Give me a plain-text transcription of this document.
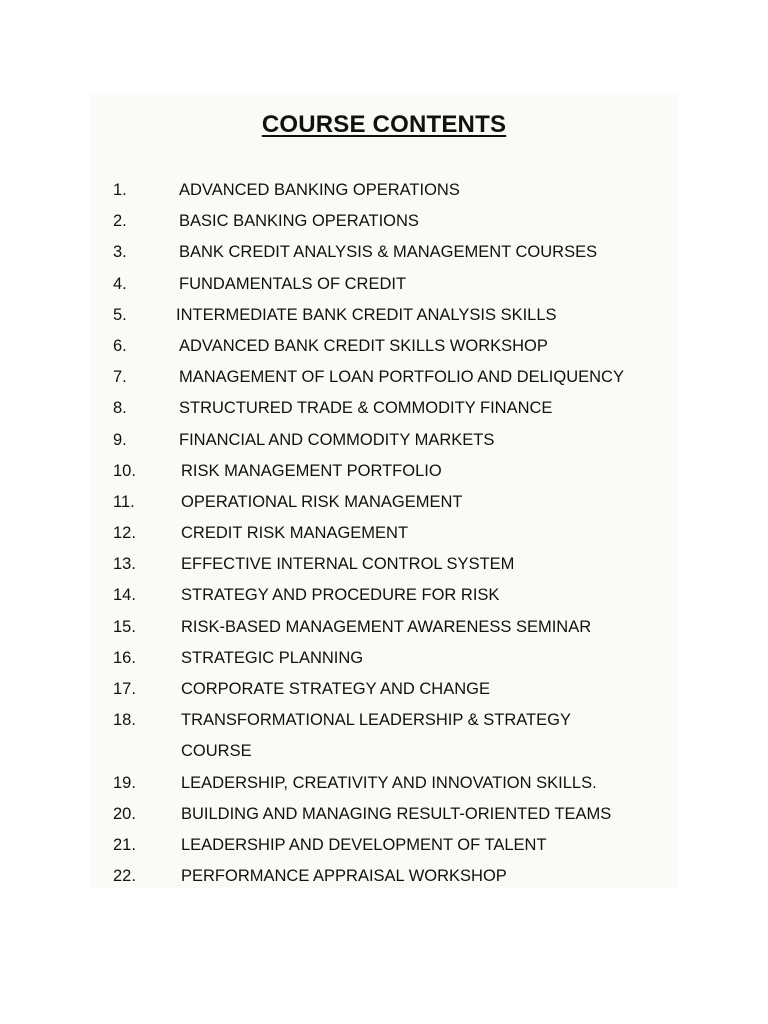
COURSE CONTENTS
1.	ADVANCED BANKING OPERATIONS
2.	BASIC BANKING OPERATIONS
3.	BANK CREDIT ANALYSIS & MANAGEMENT COURSES
4.	FUNDAMENTALS OF CREDIT
5.	INTERMEDIATE BANK CREDIT ANALYSIS SKILLS
6.	ADVANCED BANK CREDIT SKILLS WORKSHOP
7.	MANAGEMENT OF LOAN PORTFOLIO AND DELIQUENCY
8.	STRUCTURED TRADE & COMMODITY FINANCE
9.	FINANCIAL AND COMMODITY MARKETS
10.	RISK MANAGEMENT PORTFOLIO
11.	OPERATIONAL RISK MANAGEMENT
12.	CREDIT RISK MANAGEMENT
13.	EFFECTIVE INTERNAL CONTROL SYSTEM
14.	STRATEGY AND PROCEDURE FOR RISK
15.	RISK-BASED MANAGEMENT AWARENESS SEMINAR
16.	STRATEGIC PLANNING
17.	CORPORATE STRATEGY AND CHANGE
18.	TRANSFORMATIONAL LEADERSHIP & STRATEGY COURSE
19.	LEADERSHIP, CREATIVITY AND INNOVATION SKILLS.
20.	BUILDING AND MANAGING RESULT-ORIENTED TEAMS
21.	LEADERSHIP AND DEVELOPMENT OF TALENT
22.	PERFORMANCE APPRAISAL WORKSHOP
